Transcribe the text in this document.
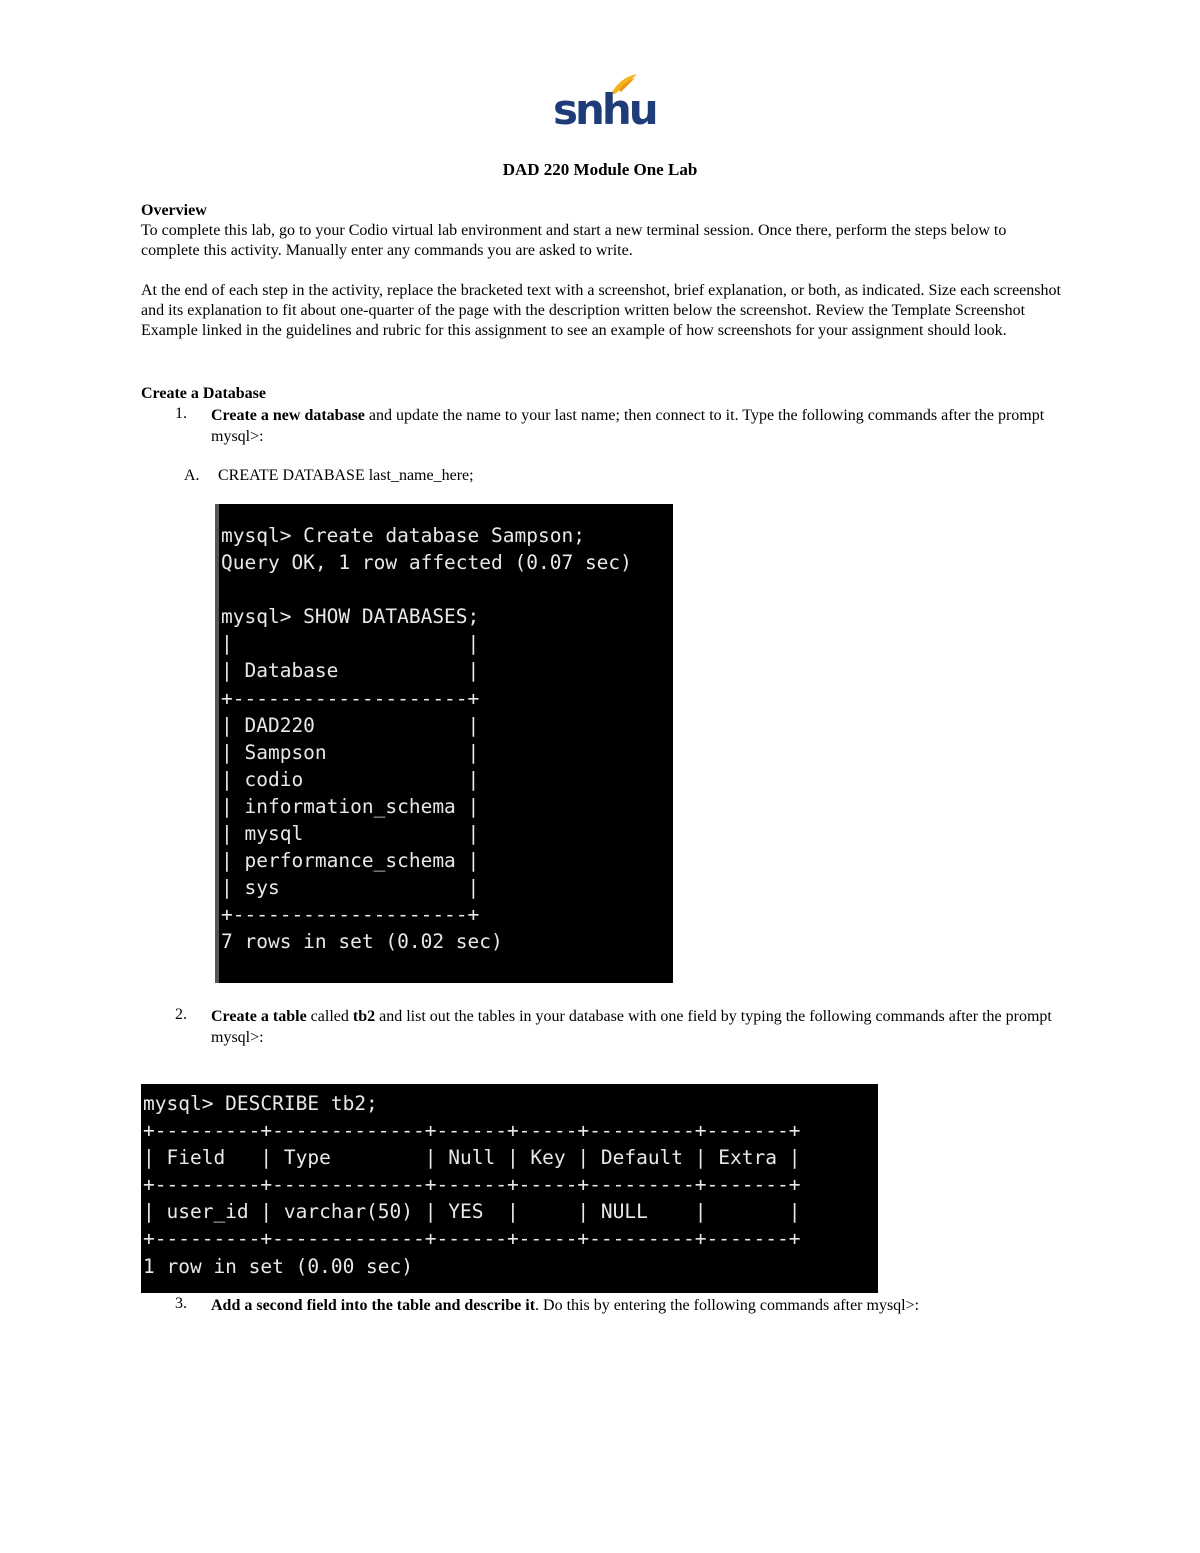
snhu
DAD 220 Module One Lab
Overview
To complete this lab, go to your Codio virtual lab environment and start a new terminal session. Once there, perform the steps below to complete this activity. Manually enter any commands you are asked to write.
At the end of each step in the activity, replace the bracketed text with a screenshot, brief explanation, or both, as indicated. Size each screenshot and its explanation to fit about one-quarter of the page with the description written below the screenshot. Review the Template Screenshot Example linked in the guidelines and rubric for this assignment to see an example of how screenshots for your assignment should look.
Create a Database
1. Create a new database and update the name to your last name; then connect to it. Type the following commands after the prompt mysql>:
A. CREATE DATABASE last_name_here;

mysql> Create database Sampson;
Query OK, 1 row affected (0.07 sec)
mysql> SHOW DATABASES;
|                    |
| Database           |
+--------------------+
| DAD220             |
| Sampson            |
| codio              |
| information_schema |
| mysql              |
| performance_schema |
| sys                |
+--------------------+
7 rows in set (0.02 sec)

2. Create a table called tb2 and list out the tables in your database with one field by typing the following commands after the prompt mysql>:

mysql> DESCRIBE tb2;
+---------+-------------+------+-----+---------+-------+
| Field   | Type        | Null | Key | Default | Extra |
+---------+-------------+------+-----+---------+-------+
| user_id | varchar(50) | YES  |     | NULL    |       |
+---------+-------------+------+-----+---------+-------+
1 row in set (0.00 sec)

3. Add a second field into the table and describe it. Do this by entering the following commands after mysql>:
